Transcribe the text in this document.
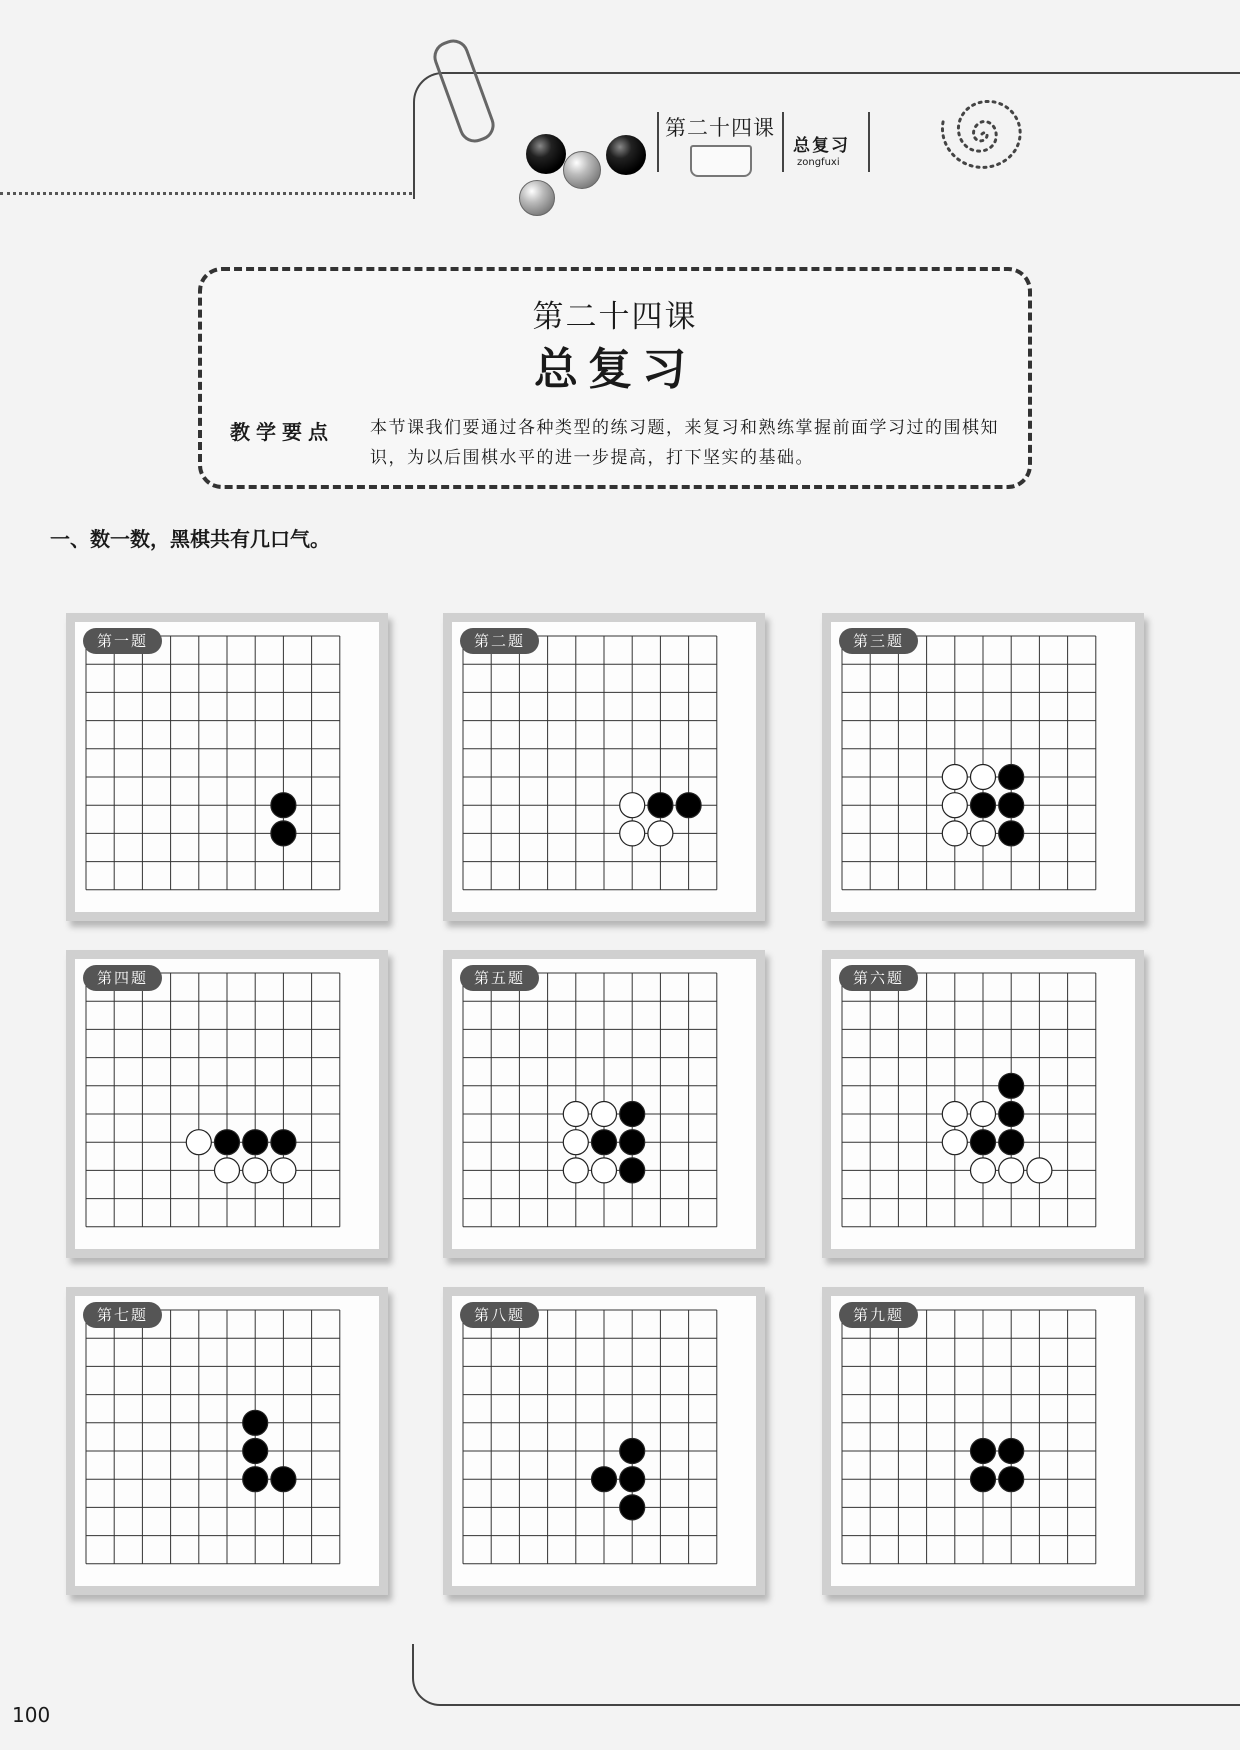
第二十四课
总复习
zongfuxi
第二十四课
总复习
教学要点 本节课我们要通过各种类型的练习题，来复习和熟练掌握前面学习过的围棋知识，为以后围棋水平的进一步提高，打下坚实的基础。
一、数一数，黑棋共有几口气。
第一题	第二题	第三题
第四题	第五题	第六题
第七题	第八题	第九题
100
